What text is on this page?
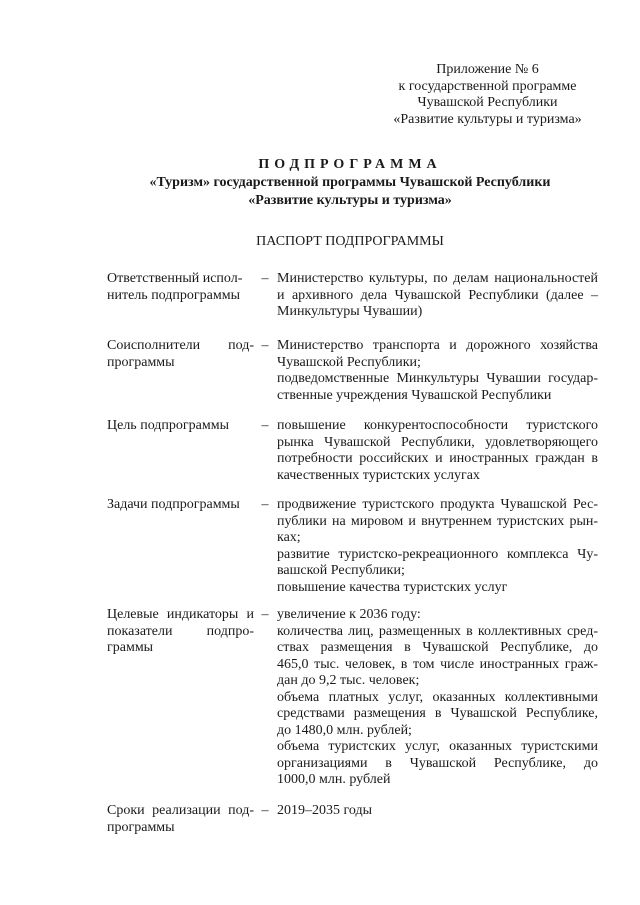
Приложение № 6
к государственной программе
Чувашской Республики
«Развитие культуры и туризма»
ПОДПРОГРАММА
«Туризм» государственной программы Чувашской Республики
«Развитие культуры и туризма»
ПАСПОРТ ПОДПРОГРАММЫ
Ответственный испол-
нитель подпрограммы
– Министерство культуры, по делам национальностей
и архивного дела Чувашской Республики (далее –
Минкультуры Чувашии)
Соисполнители под-
программы
– Министерство транспорта и дорожного хозяйства
Чувашской Республики;
подведомственные Минкультуры Чувашии государ-
ственные учреждения Чувашской Республики
Цель подпрограммы	– повышение конкурентоспособности туристского
рынка Чувашской Республики, удовлетворяющего
потребности российских и иностранных граждан в
качественных туристских услугах
Задачи подпрограммы	– продвижение туристского продукта Чувашской Рес-
публики на мировом и внутреннем туристских рын-
ках;
развитие туристско-рекреационного комплекса Чу-
вашской Республики;
повышение качества туристских услуг
Целевые индикаторы и
показатели подпро-
граммы
– увеличение к 2036 году:
количества лиц, размещенных в коллективных сред-
ствах размещения в Чувашской Республике, до
465,0 тыс. человек, в том числе иностранных граж-
дан до 9,2 тыс. человек;
объема платных услуг, оказанных коллективными
средствами размещения в Чувашской Республике,
до 1480,0 млн. рублей;
объема туристских услуг, оказанных туристскими
организациями в Чувашской Республике, до
1000,0 млн. рублей
Сроки реализации под-
программы
– 2019–2035 годы
